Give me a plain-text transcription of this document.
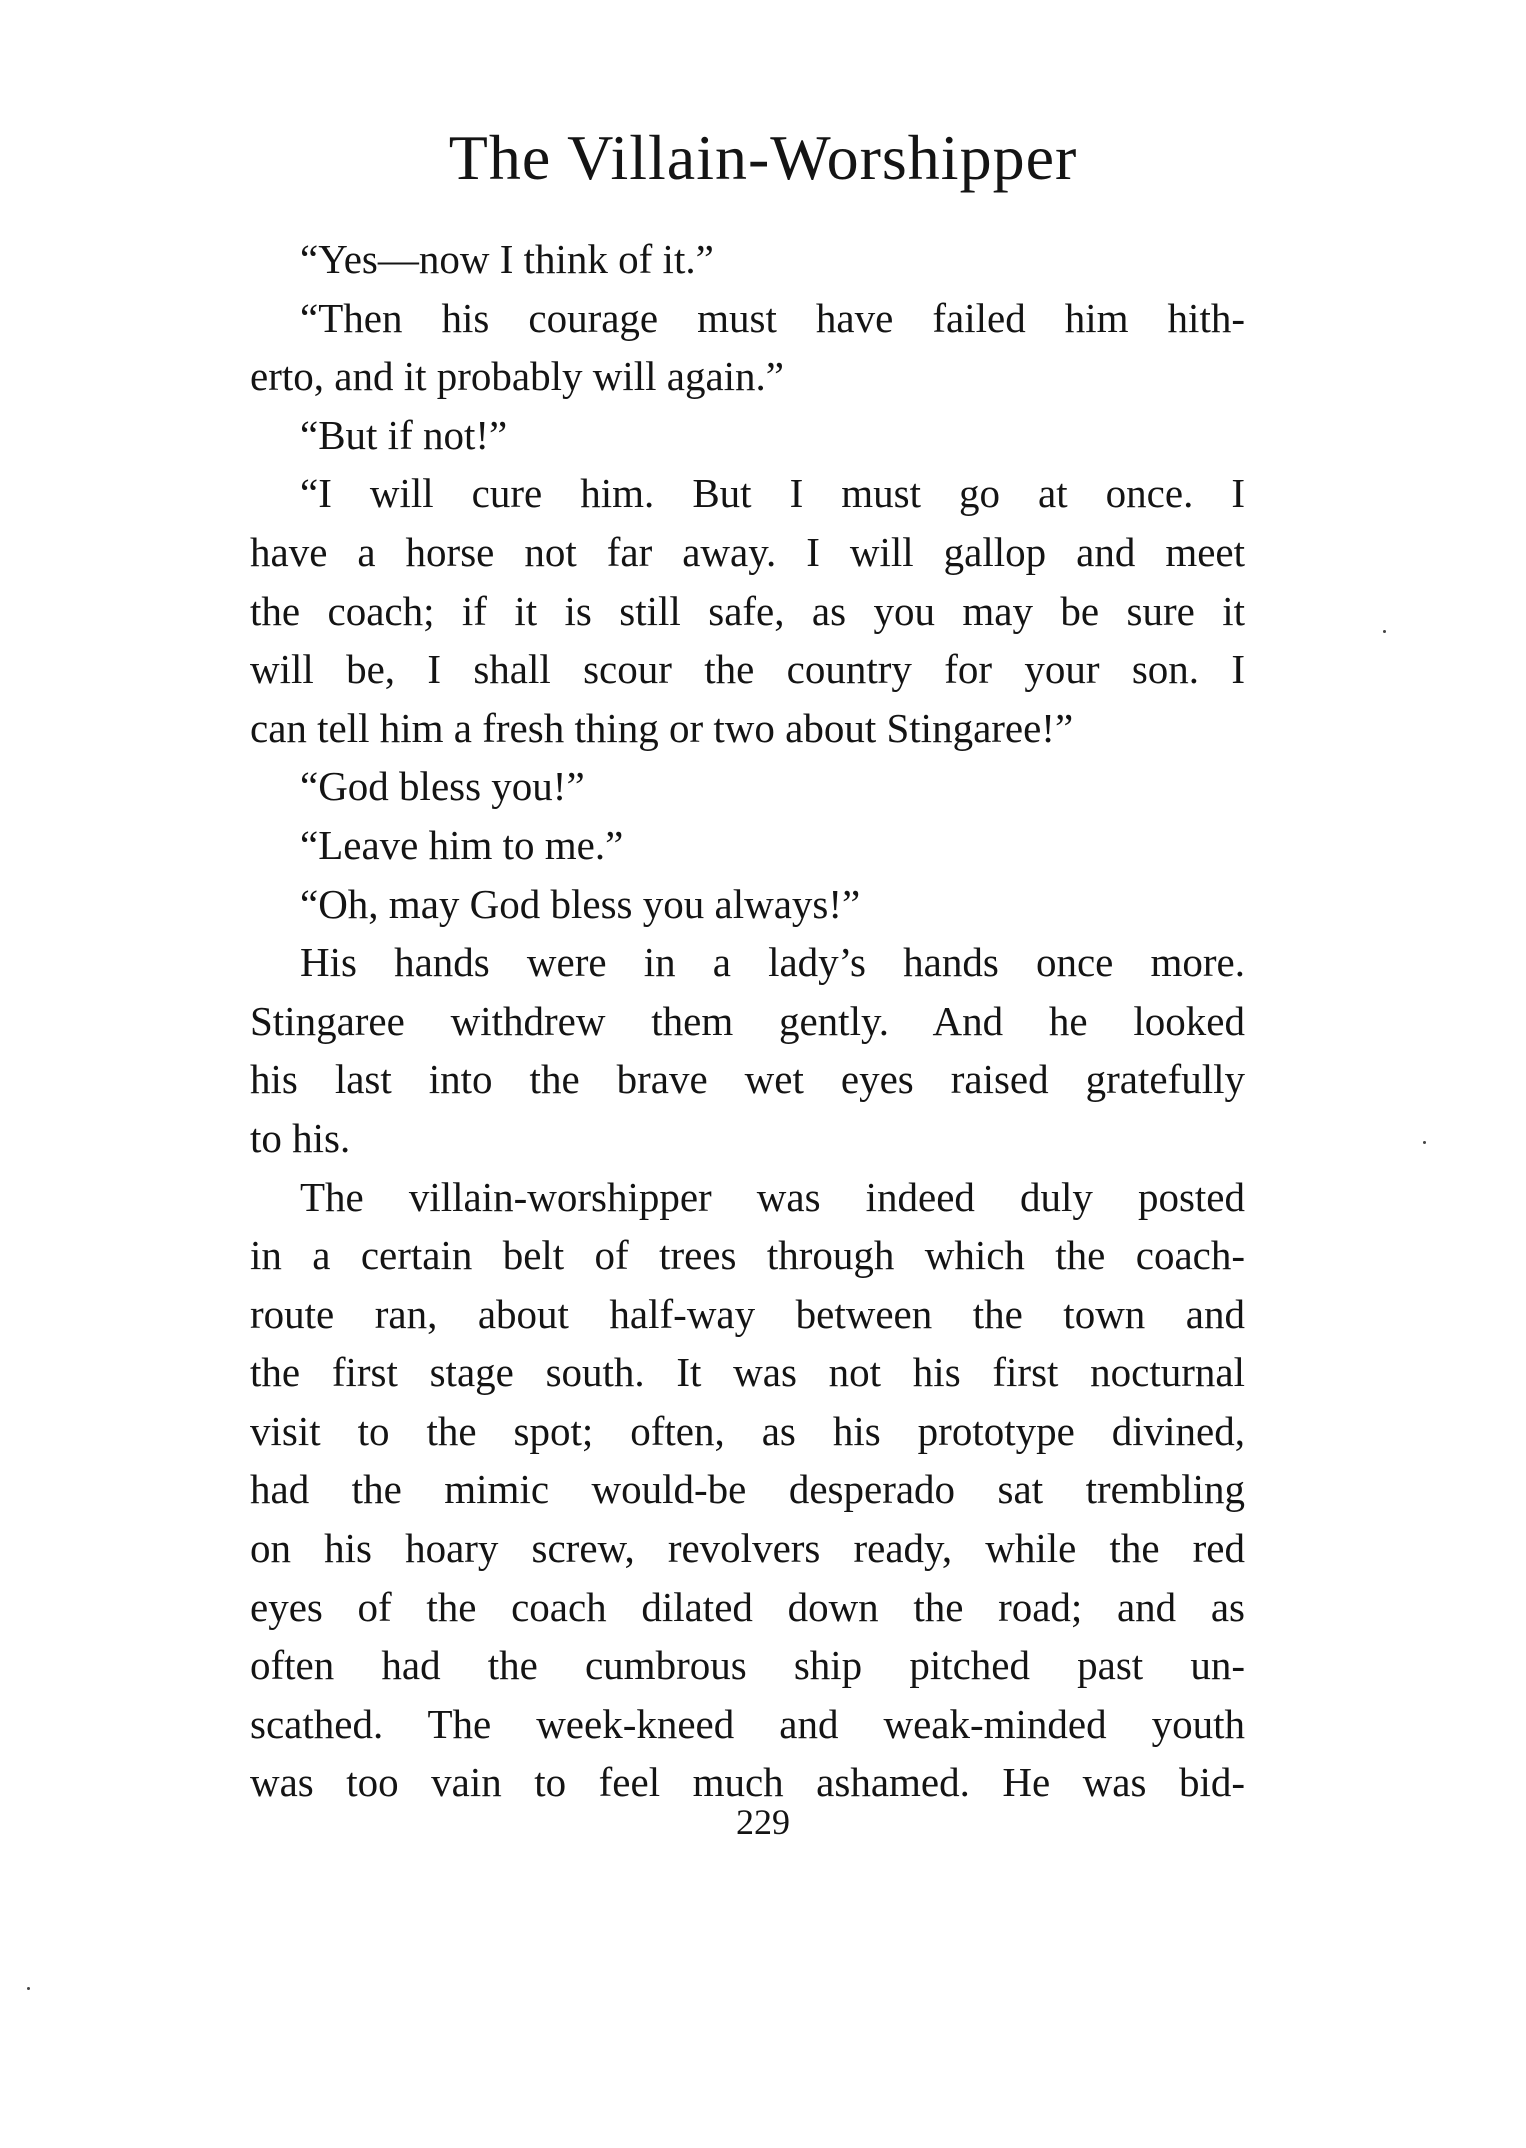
The Villain-Worshipper
“Yes—now I think of it.”
“Then his courage must have failed him hith-
erto, and it probably will again.”
“But if not!”
“I will cure him. But I must go at once. I
have a horse not far away. I will gallop and meet
the coach; if it is still safe, as you may be sure it
will be, I shall scour the country for your son. I
can tell him a fresh thing or two about Stingaree!”
“God bless you!”
“Leave him to me.”
“Oh, may God bless you always!”
His hands were in a lady’s hands once more.
Stingaree withdrew them gently. And he looked
his last into the brave wet eyes raised gratefully
to his.
The villain-worshipper was indeed duly posted
in a certain belt of trees through which the coach-
route ran, about half-way between the town and
the first stage south. It was not his first nocturnal
visit to the spot; often, as his prototype divined,
had the mimic would-be desperado sat trembling
on his hoary screw, revolvers ready, while the red
eyes of the coach dilated down the road; and as
often had the cumbrous ship pitched past un-
scathed. The week-kneed and weak-minded youth
was too vain to feel much ashamed. He was bid-
229
